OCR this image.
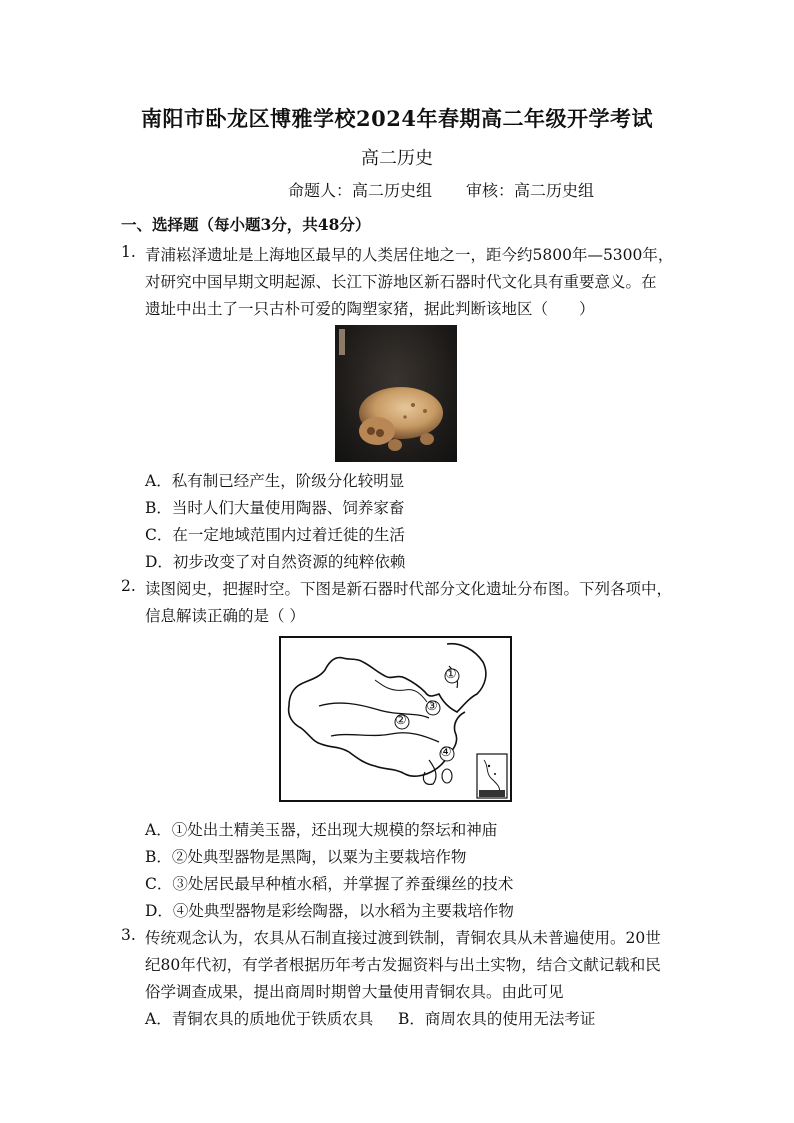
南阳市卧龙区博雅学校2024年春期高二年级开学考试
高二历史
命题人：高二历史组 审核：高二历史组
一、选择题（每小题3分，共48分）
1. 青浦崧泽遗址是上海地区最早的人类居住地之一，距今约5800年—5300年，
对研究中国早期文明起源、长江下游地区新石器时代文化具有重要意义。在
遗址中出土了一只古朴可爱的陶塑家猪，据此判断该地区（　　）
A．私有制已经产生，阶级分化较明显
B．当时人们大量使用陶器、饲养家畜
C．在一定地域范围内过着迁徙的生活
D．初步改变了对自然资源的纯粹依赖
2. 读图阅史，把握时空。下图是新石器时代部分文化遗址分布图。下列各项中，
信息解读正确的是（ ）
①
②
③
④
A．①处出土精美玉器，还出现大规模的祭坛和神庙
B．②处典型器物是黑陶，以粟为主要栽培作物
C．③处居民最早种植水稻，并掌握了养蚕缫丝的技术
D．④处典型器物是彩绘陶器，以水稻为主要栽培作物
3. 传统观念认为，农具从石制直接过渡到铁制，青铜农具从未普遍使用。20世
纪80年代初，有学者根据历年考古发掘资料与出土实物，结合文献记载和民
俗学调查成果，提出商周时期曾大量使用青铜农具。由此可见
A．青铜农具的质地优于铁质农具 B．商周农具的使用无法考证
